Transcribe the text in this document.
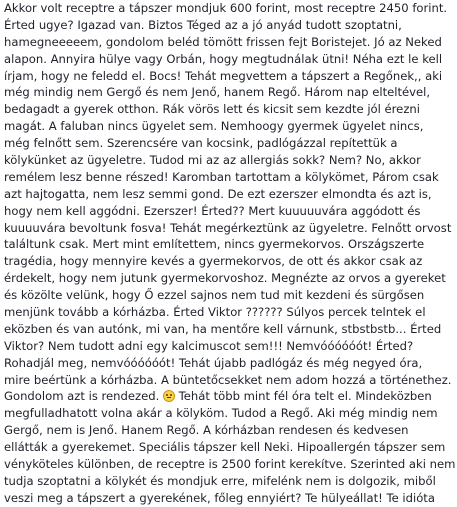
Akkor volt receptre a tápszer mondjuk 600 forint, most receptre 2450 forint.
Érted ugye? Igazad van. Biztos Téged az a jó anyád tudott szoptatni,
hamegneeeeem, gondolom beléd tömött frissen fejt Boristejet. Jó az Neked
alapon. Annyira hülye vagy Orbán, hogy megtudnálak ütni! Néha ezt le kell
írjam, hogy ne feledd el. Bocs! Tehát megvettem a tápszert a Regőnek,, aki
még mindig nem Gergő és nem Jenő, hanem Regő. Három nap elteltével,
bedagadt a gyerek otthon. Rák vörös lett és kicsit sem kezdte jól érezni
magát. A faluban nincs ügyelet sem. Nemhoogy gyermek ügyelet nincs,
még felnőtt sem. Szerencsére van kocsink, padlógázzal repítettük a
kölykünket az ügyeletre. Tudod mi az az allergiás sokk? Nem? No, akkor
remélem lesz benne részed! Karomban tartottam a kölykömet, Párom csak
azt hajtogatta, nem lesz semmi gond. De ezt ezerszer elmondta és azt is,
hogy nem kell aggódni. Ezerszer! Érted?? Mert kuuuuuvára aggódott és
kuuuuvára bevoltunk fosva! Tehát megérkeztünk az ügyeletre. Felnőtt orvost
találtunk csak. Mert mint említettem, nincs gyermekorvos. Országszerte
tragédia, hogy mennyire kevés a gyermekorvos, de ott és akkor csak az
érdekelt, hogy nem jutunk gyermekorvoshoz. Megnézte az orvos a gyereket
és közölte velünk, hogy Ő ezzel sajnos nem tud mit kezdeni és sürgősen
menjünk tovább a kórházba. Érted Viktor ?????? Súlyos percek telntek el
eközben és van autónk, mi van, ha mentőre kell várnunk, stbstbstb... Érted
Viktor? Nem tudott adni egy kalcimuscot sem!!! Nemvóóóóóót! Érted?
Rohadjál meg, nemvóóóóóót! Tehát újabb padlógáz és még negyed óra,
mire beértünk a kórházba. A büntetőcsekket nem adom hozzá a történethez.
Gondolom azt is rendezed. Tehát több mint fél óra telt el. Mindeközben
megfulladhatott volna akár a kölyköm. Tudod a Regő. Aki még mindig nem
Gergő, nem is Jenő. Hanem Regő. A kórházban rendesen és kedvesen
ellátták a gyerekemet. Speciális tápszer kell Neki. Hipoallergén tápszer sem
vényköteles különben, de receptre is 2500 forint kerekítve. Szerinted aki nem
tudja szoptatni a kölykét és mondjuk erre, mifelénk nem is dolgozik, miből
veszi meg a tápszert a gyerekének, főleg ennyiért? Te hülyeállat! Te idióta
